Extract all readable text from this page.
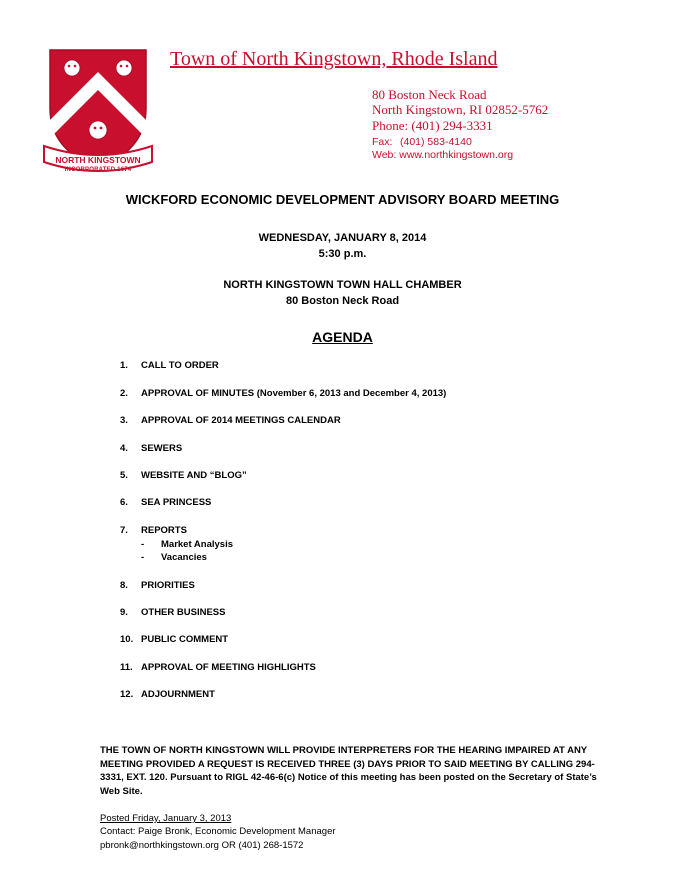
NORTH KINGSTOWN
INCORPORATED 1674
Town of North Kingstown, Rhode Island
80 Boston Neck Road
North Kingstown, RI 02852-5762
Phone: (401) 294-3331
Fax: (401) 583-4140
Web: www.northkingstown.org
WICKFORD ECONOMIC DEVELOPMENT ADVISORY BOARD MEETING
WEDNESDAY, JANUARY 8, 2014
5:30 p.m.
NORTH KINGSTOWN TOWN HALL CHAMBER
80 Boston Neck Road
AGENDA
1. CALL TO ORDER
2. APPROVAL OF MINUTES (November 6, 2013 and December 4, 2013)
3. APPROVAL OF 2014 MEETINGS CALENDAR
4. SEWERS
5. WEBSITE AND “BLOG”
6. SEA PRINCESS
7. REPORTS
- Market Analysis
- Vacancies
8. PRIORITIES
9. OTHER BUSINESS
10. PUBLIC COMMENT
11. APPROVAL OF MEETING HIGHLIGHTS
12. ADJOURNMENT
THE TOWN OF NORTH KINGSTOWN WILL PROVIDE INTERPRETERS FOR THE HEARING IMPAIRED AT ANY MEETING PROVIDED A REQUEST IS RECEIVED THREE (3) DAYS PRIOR TO SAID MEETING BY CALLING 294-3331, EXT. 120. Pursuant to RIGL 42-46-6(c) Notice of this meeting has been posted on the Secretary of State’s Web Site.
Posted Friday, January 3, 2013
Contact: Paige Bronk, Economic Development Manager
pbronk@northkingstown.org OR (401) 268-1572
